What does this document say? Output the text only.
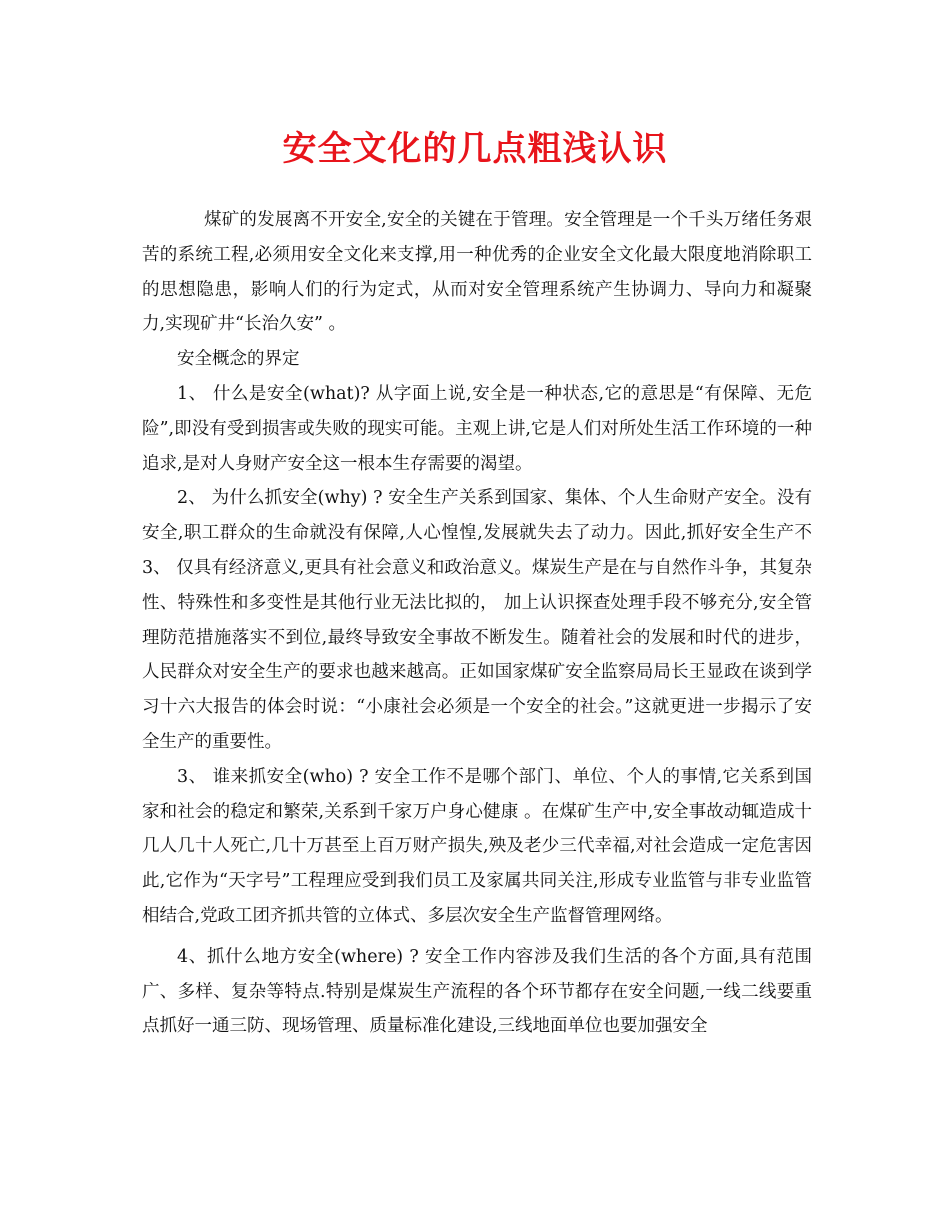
安全文化的几点粗浅认识

煤矿的发展离不开安全,安全的关键在于管理。安全管理是一个千头万绪任务艰苦的系统工程,必须用安全文化来支撑,用一种优秀的企业安全文化最大限度地消除职工的思想隐患，影响人们的行为定式，从而对安全管理系统产生协调力、导向力和凝聚力,实现矿井“长治久安” 。

安全概念的界定

1、 什么是安全(what)? 从字面上说,安全是一种状态,它的意思是“有保障、无危险”,即没有受到损害或失败的现实可能。主观上讲,它是人们对所处生活工作环境的一种追求,是对人身财产安全这一根本生存需要的渴望。

2、 为什么抓安全(why) ? 安全生产关系到国家、集体、个人生命财产安全。没有安全,职工群众的生命就没有保障,人心惶惶,发展就失去了动力。因此,抓好安全生产不3、 仅具有经济意义,更具有社会意义和政治意义。煤炭生产是在与自然作斗争，其复杂性、特殊性和多变性是其他行业无法比拟的， 加上认识探查处理手段不够充分,安全管理防范措施落实不到位,最终导致安全事故不断发生。随着社会的发展和时代的进步，人民群众对安全生产的要求也越来越高。正如国家煤矿安全监察局局长王显政在谈到学习十六大报告的体会时说：“小康社会必须是一个安全的社会。”这就更进一步揭示了安全生产的重要性。

3、 谁来抓安全(who) ? 安全工作不是哪个部门、单位、个人的事情,它关系到国家和社会的稳定和繁荣,关系到千家万户身心健康 。在煤矿生产中,安全事故动辄造成十几人几十人死亡,几十万甚至上百万财产损失,殃及老少三代幸福,对社会造成一定危害因此,它作为“天字号”工程理应受到我们员工及家属共同关注,形成专业监管与非专业监管相结合,党政工团齐抓共管的立体式、多层次安全生产监督管理网络。

4、抓什么地方安全(where) ? 安全工作内容涉及我们生活的各个方面,具有范围广、多样、复杂等特点.特别是煤炭生产流程的各个环节都存在安全问题,一线二线要重点抓好一通三防、现场管理、质量标准化建设,三线地面单位也要加强安全
